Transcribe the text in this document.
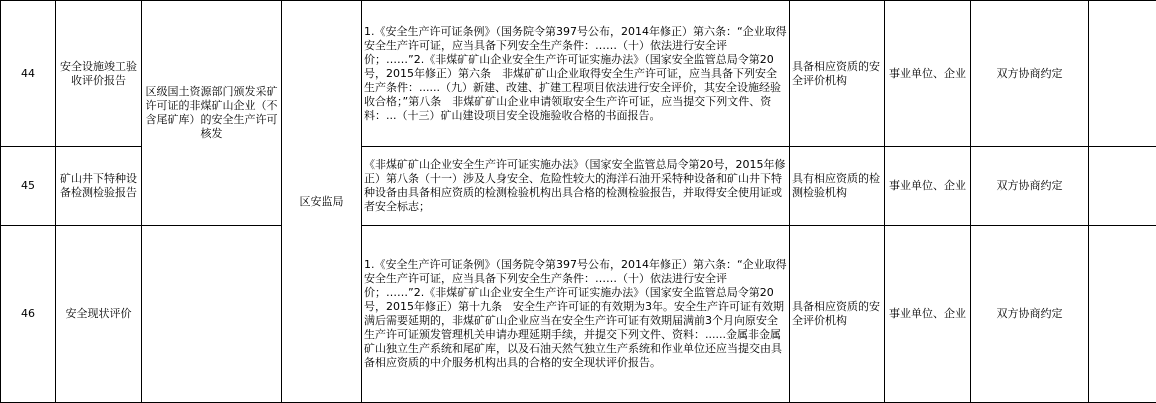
44	安全设施竣工验收评价报告	区级国土资源部门颁发采矿许可证的非煤矿山企业（不含尾矿库）的安全生产许可核发	区安监局	1.《安全生产许可证条例》（国务院令第397号公布，2014年修正）第六条：“企业取得安全生产许可证，应当具备下列安全生产条件：……（十）依法进行安全评价；……”2.《非煤矿矿山企业安全生产许可证实施办法》（国家安全监管总局令第20号，2015年修正）第六条　非煤矿矿山企业取得安全生产许可证，应当具备下列安全生产条件：......（九）新建、改建、扩建工程项目依法进行安全评价，其安全设施经验收合格；”第八条　非煤矿矿山企业申请领取安全生产许可证，应当提交下列文件、资料：...（十三）矿山建设项目安全设施验收合格的书面报告。	具备相应资质的安全评价机构	事业单位、企业	双方协商约定	
45	矿山井下特种设备检测检验报告			《非煤矿矿山企业安全生产许可证实施办法》（国家安全监管总局令第20号，2015年修正）第八条（十一）涉及人身安全、危险性较大的海洋石油开采特种设备和矿山井下特种设备由具备相应资质的检测检验机构出具合格的检测检验报告，并取得安全使用证或者安全标志；	具有相应资质的检测检验机构	事业单位、企业	双方协商约定	
46	安全现状评价			1.《安全生产许可证条例》（国务院令第397号公布，2014年修正）第六条：“企业取得安全生产许可证，应当具备下列安全生产条件：……（十）依法进行安全评价；……”2.《非煤矿矿山企业安全生产许可证实施办法》（国家安全监管总局令第20号，2015年修正）第十九条　安全生产许可证的有效期为3年。安全生产许可证有效期满后需要延期的，非煤矿矿山企业应当在安全生产许可证有效期届满前3个月向原安全生产许可证颁发管理机关申请办理延期手续，并提交下列文件、资料：......金属非金属矿山独立生产系统和尾矿库，以及石油天然气独立生产系统和作业单位还应当提交由具备相应资质的中介服务机构出具的合格的安全现状评价报告。	具备相应资质的安全评价机构	事业单位、企业	双方协商约定	
